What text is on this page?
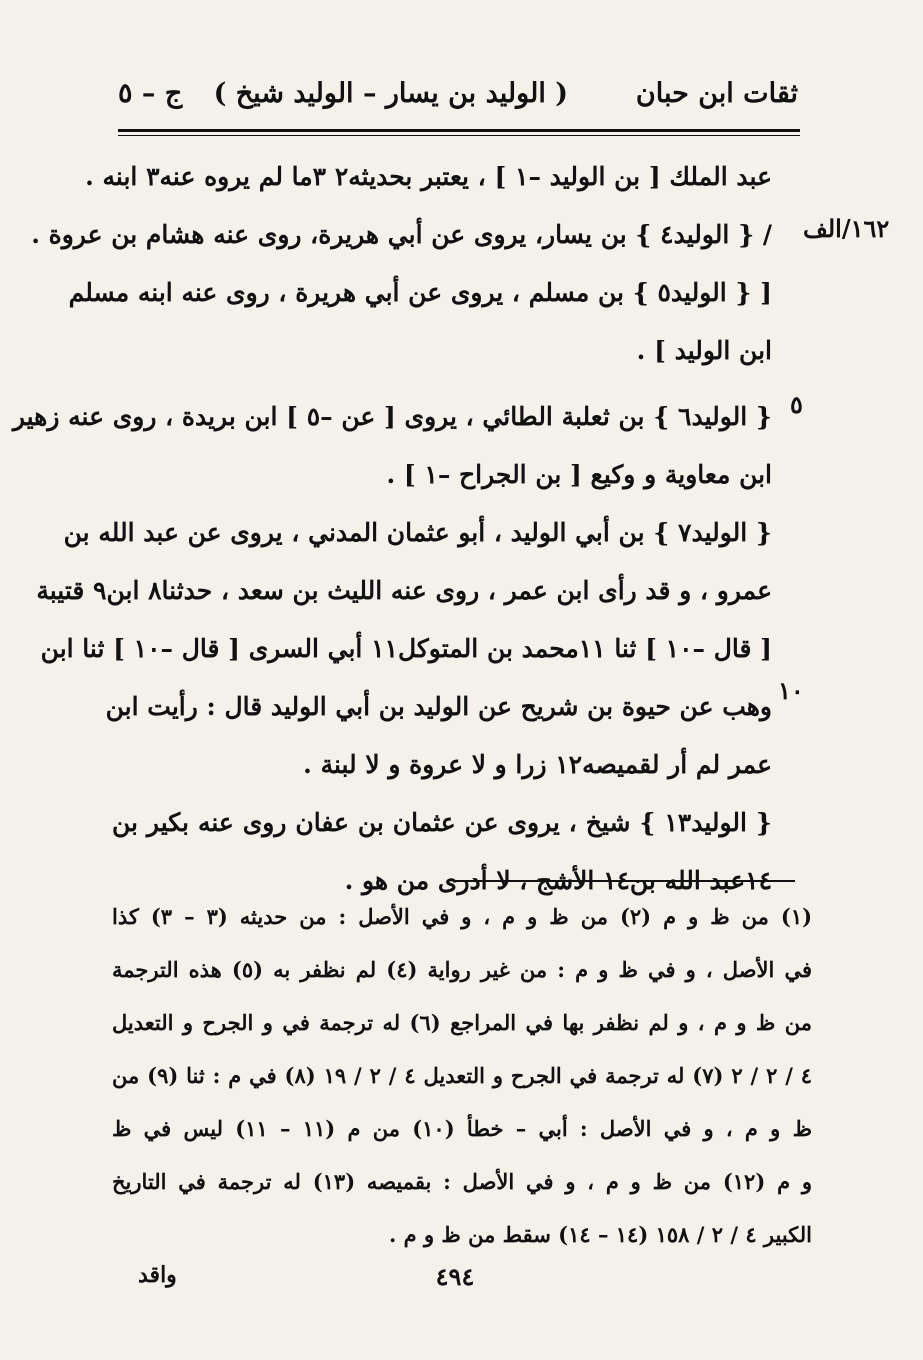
ثقات ابن حبان
( الوليد بن يسار – الوليد شيخ )
ج – ٥
١٦٢/الف
٥
١٠
عبد الملك [ بن الوليد –١ ] ، يعتبر بحديثه٢ ٣ما لم يروه عنه٣ ابنه .
/ { الوليد٤ } بن يسار، يروى عن أبي هريرة، روى عنه هشام بن عروة .
[ { الوليد٥ } بن مسلم ، يروى عن أبي هريرة ، روى عنه ابنه مسلم
ابن الوليد ] .
{ الوليد٦ } بن ثعلبة الطائي ، يروى [ عن –٥ ] ابن بريدة ، روى عنه زهير
ابن معاوية و وكيع [ بن الجراح –١ ] .
{ الوليد٧ } بن أبي الوليد ، أبو عثمان المدني ، يروى عن عبد الله بن
عمرو ، و قد رأى ابن عمر ، روى عنه الليث بن سعد ، حدثنا٨ ابن٩ قتيبة
[ قال –١٠ ] ثنا ١١محمد بن المتوكل١١ أبي السرى [ قال –١٠ ] ثنا ابن
وهب عن حيوة بن شريح عن الوليد بن أبي الوليد قال : رأيت ابن
عمر لم أر لقميصه١٢ زرا و لا عروة و لا لبنة .
{ الوليد١٣ } شيخ ، يروى عن عثمان بن عفان روى عنه بكير بن
١٤عبد الله بن١٤ الأشج ، لا أدرى من هو .
(١) من ظ و م (٢) من ظ و م ، و في الأصل : من حديثه (٣ – ٣) كذا
في الأصل ، و في ظ و م : من غير رواية (٤) لم نظفر به (٥) هذه الترجمة
من ظ و م ، و لم نظفر بها في المراجع (٦) له ترجمة في و الجرح و التعديل
٤ / ٢ / ٢ (٧) له ترجمة في الجرح و التعديل ٤ / ٢ / ١٩ (٨) في م : ثنا (٩) من
ظ و م ، و في الأصل : أبي – خطأ (١٠) من م (١١ – ١١) ليس في ظ
و م (١٢) من ظ و م ، و في الأصل : بقميصه (١٣) له ترجمة في التاريخ
الكبير ٤ / ٢ / ١٥٨ (١٤ – ١٤) سقط من ظ و م .
٤٩٤
واقد
